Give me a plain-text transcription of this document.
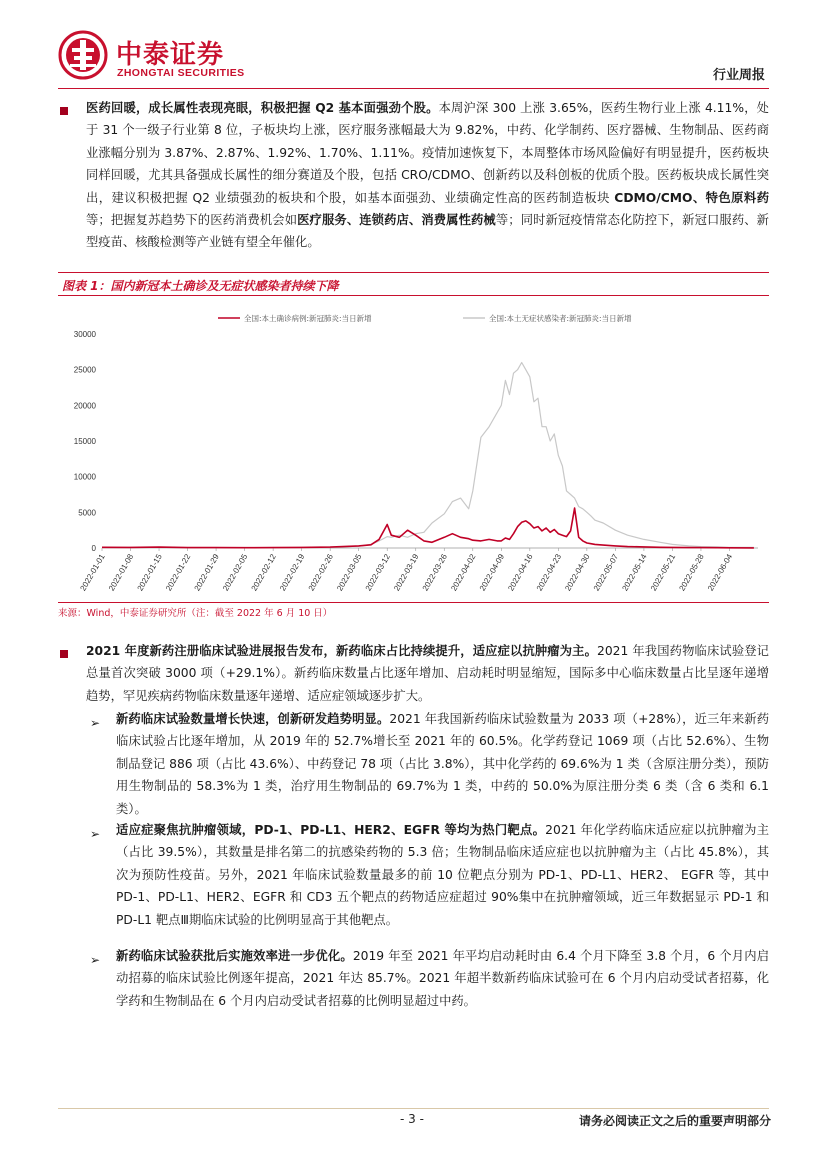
中泰证券
ZHONGTAI SECURITIES	行业周报
医药回暖，成长属性表现亮眼，积极把握 Q2 基本面强劲个股。本周沪深 300 上涨 3.65%，医药生物行业上涨 4.11%，处于 31 个一级子行业第 8 位，子板块均上涨，医疗服务涨幅最大为 9.82%，中药、化学制药、医疗器械、生物制品、医药商业涨幅分别为 3.87%、2.87%、1.92%、1.70%、1.11%。疫情加速恢复下，本周整体市场风险偏好有明显提升，医药板块同样回暖，尤其具备强成长属性的细分赛道及个股，包括 CRO/CDMO、创新药以及科创板的优质个股。医药板块成长属性突出，建议积极把握 Q2 业绩强劲的板块和个股，如基本面强劲、业绩确定性高的医药制造板块 CDMO/CMO、特色原料药等；把握复苏趋势下的医药消费机会如医疗服务、连锁药店、消费属性药械等；同时新冠疫情常态化防控下，新冠口服药、新型疫苗、核酸检测等产业链有望全年催化。
图表 1：国内新冠本土确诊及无症状感染者持续下降
0
5000
10000
15000
20000
25000
30000
2022-01-01 2022-01-08 2022-01-15 2022-01-22 2022-01-29 2022-02-05 2022-02-12 2022-02-19 2022-02-26 2022-03-05 2022-03-12 2022-03-19 2022-03-26 2022-04-02 2022-04-09 2022-04-16 2022-04-23 2022-04-30 2022-05-07 2022-05-14 2022-05-21 2022-05-28 2022-06-04
全国:本土确诊病例:新冠肺炎:当日新增	全国:本土无症状感染者:新冠肺炎:当日新增
来源：Wind，中泰证券研究所（注：截至 2022 年 6 月 10 日）
2021 年度新药注册临床试验进展报告发布，新药临床占比持续提升，适应症以抗肿瘤为主。2021 年我国药物临床试验登记总量首次突破 3000 项（+29.1%）。新药临床数量占比逐年增加、启动耗时明显缩短，国际多中心临床数量占比呈逐年递增趋势，罕见疾病药物临床数量逐年递增、适应症领域逐步扩大。
➢ 新药临床试验数量增长快速，创新研发趋势明显。2021 年我国新药临床试验数量为 2033 项（+28%），近三年来新药临床试验占比逐年增加，从 2019 年的 52.7%增长至 2021 年的 60.5%。化学药登记 1069 项（占比 52.6%）、生物制品登记 886 项（占比 43.6%）、中药登记 78 项（占比 3.8%），其中化学药的 69.6%为 1 类（含原注册分类），预防用生物制品的 58.3%为 1 类，治疗用生物制品的 69.7%为 1 类，中药的 50.0%为原注册分类 6 类（含 6 类和 6.1 类）。
➢ 适应症聚焦抗肿瘤领域，PD-1、PD-L1、HER2、EGFR 等均为热门靶点。2021 年化学药临床适应症以抗肿瘤为主（占比 39.5%），其数量是排名第二的抗感染药物的 5.3 倍；生物制品临床适应症也以抗肿瘤为主（占比 45.8%），其次为预防性疫苗。另外，2021 年临床试验数量最多的前 10 位靶点分别为 PD-1、PD-L1、HER2、 EGFR 等，其中 PD-1、PD-L1、HER2、EGFR 和 CD3 五个靶点的药物适应症超过 90%集中在抗肿瘤领域，近三年数据显示 PD-1 和 PD-L1 靶点Ⅲ期临床试验的比例明显高于其他靶点。
➢ 新药临床试验获批后实施效率进一步优化。2019 年至 2021 年平均启动耗时由 6.4 个月下降至 3.8 个月，6 个月内启动招募的临床试验比例逐年提高，2021 年达 85.7%。2021 年超半数新药临床试验可在 6 个月内启动受试者招募，化学药和生物制品在 6 个月内启动受试者招募的比例明显超过中药。
- 3 -	请务必阅读正文之后的重要声明部分
